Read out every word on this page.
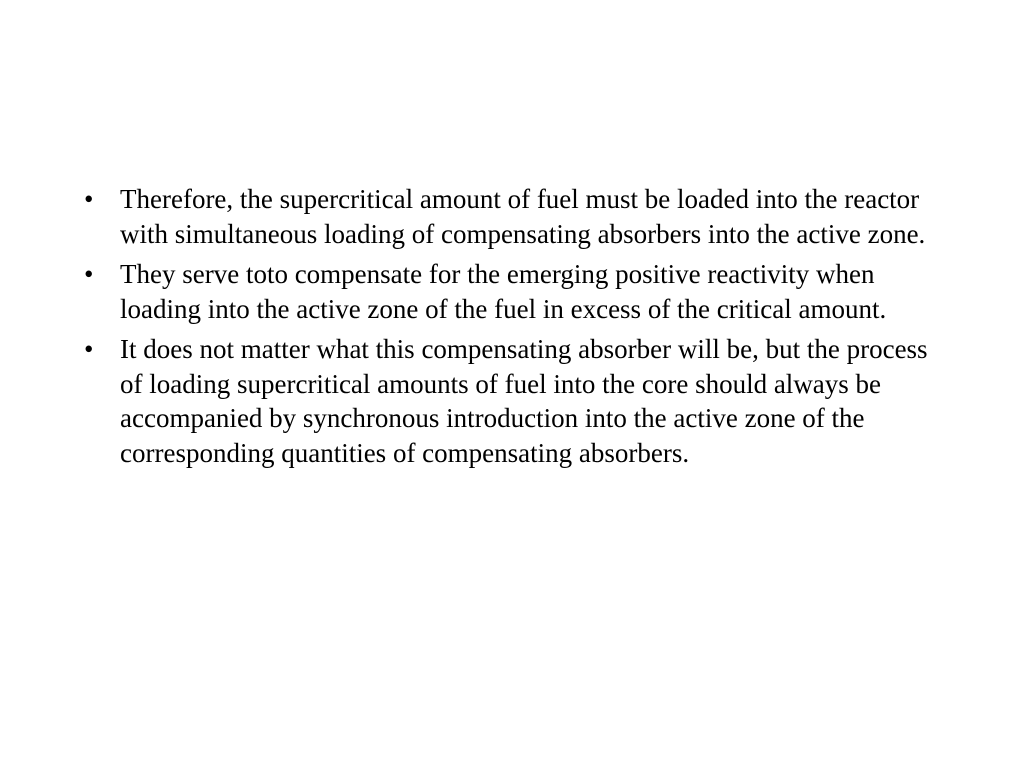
• Therefore, the supercritical amount of fuel must be loaded into the reactor with simultaneous loading of compensating absorbers into the active zone.
• They serve toto compensate for the emerging positive reactivity when loading into the active zone of the fuel in excess of the critical amount.
• It does not matter what this compensating absorber will be, but the process of loading supercritical amounts of fuel into the core should always be accompanied by synchronous introduction into the active zone of the corresponding quantities of compensating absorbers.
